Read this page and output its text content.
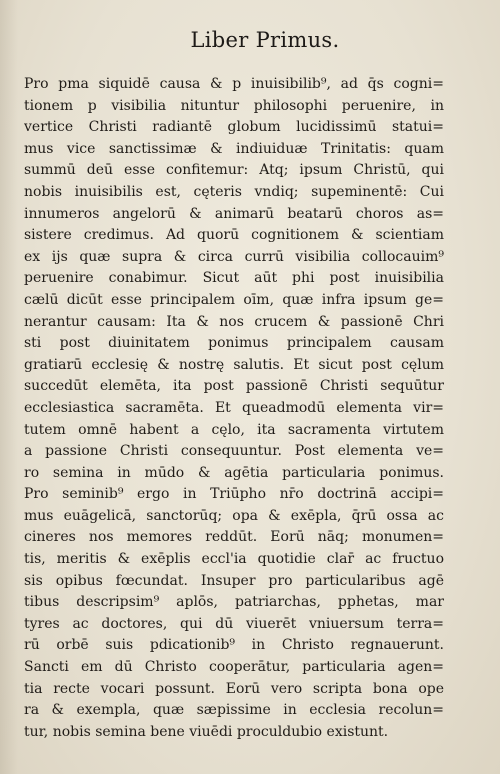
Liber Primus.
Pro pma siquidē causa & p inuisibilib⁹, ad q̄s cogni=
tionem p visibilia nituntur philosophi peruenire, in
vertice Christi radiantē globum lucidissimū statui=
mus vice sanctissimæ & indiuiduæ Trinitatis: quam
summū deū esse confitemur: Atq; ipsum Christū, qui
nobis inuisibilis est, cęteris vndiq; supeminentē: Cui
innumeros angelorū & animarū beatarū choros as=
sistere credimus. Ad quorū cognitionem & scientiam
ex ijs quæ supra & circa currū visibilia collocauim⁹
peruenire conabimur. Sicut aūt phi post inuisibilia
cælū dicūt esse principalem oīm, quæ infra ipsum ge=
nerantur causam: Ita & nos crucem & passionē Chri
sti post diuinitatem ponimus principalem causam
gratiarū ecclesię & nostrę salutis. Et sicut post cęlum
succedūt elemēta, ita post passionē Christi sequūtur
ecclesiastica sacramēta. Et queadmodū elementa vir=
tutem omnē habent a cęlo, ita sacramenta virtutem
a passione Christi consequuntur. Post elementa ve=
ro semina in mūdo & agētia particularia ponimus.
Pro seminib⁹ ergo in Triūpho nr̄o doctrinā accipi=
mus euāgelicā, sanctorūq; opa & exēpla, q̄rū ossa ac
cineres nos memores reddūt. Eorū nāq; monumen=
tis, meritis & exēplis eccl'ia quotidie clar̄ ac fructuo
sis opibus fœcundat. Insuper pro particularibus agē
tibus descripsim⁹ aplōs, patriarchas, pphetas, mar
tyres ac doctores, qui dū viuerēt vniuersum terra=
rū orbē suis pdicationib⁹ in Christo regnauerunt.
Sancti em dū Christo cooperātur, particularia agen=
tia recte vocari possunt. Eorū vero scripta bona ope
ra & exempla, quæ sæpissime in ecclesia recolun=
tur, nobis semina bene viuēdi proculdubio existunt.
